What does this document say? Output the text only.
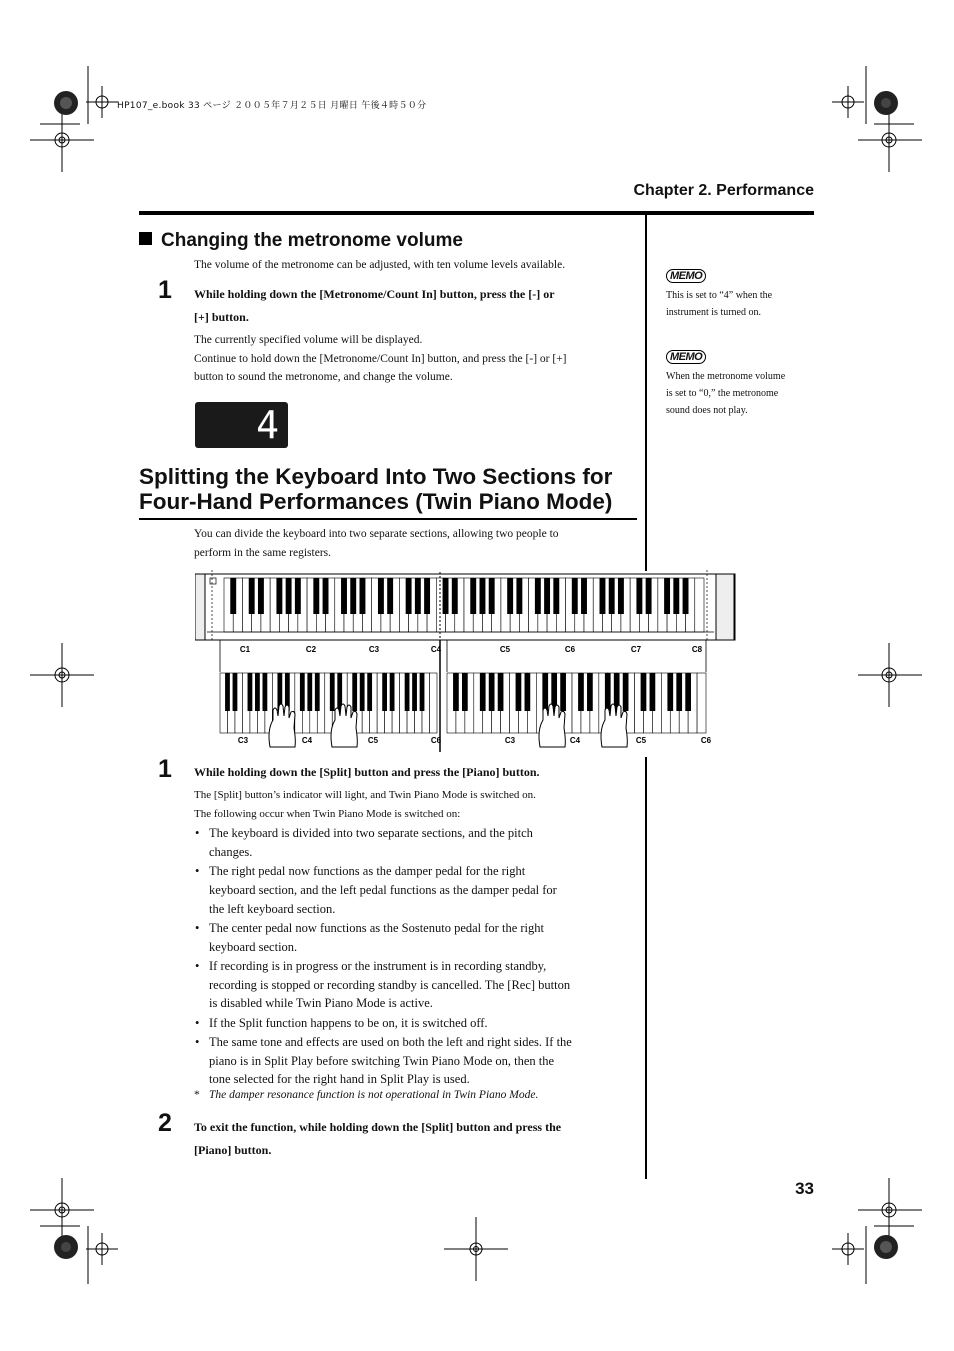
HP107_e.book 33 ページ ２００５年７月２５日 月曜日 午後４時５０分
Chapter 2. Performance
Changing the metronome volume
The volume of the metronome can be adjusted, with ten volume levels available.
1 While holding down the [Metronome/Count In] button, press the [-] or
[+] button.
The currently specified volume will be displayed.
Continue to hold down the [Metronome/Count In] button, and press the [-] or [+]
button to sound the metronome, and change the volume.
4
MEMO
This is set to “4” when the
instrument is turned on.
MEMO
When the metronome volume
is set to “0,” the metronome
sound does not play.
Splitting the Keyboard Into Two Sections for
Four-Hand Performances (Twin Piano Mode)
You can divide the keyboard into two separate sections, allowing two people to
perform in the same registers.
C1	C2	C3	C4	C5	C6	C7	C8
C3	C4	C5	C6	C3	C4	C5	C6
1 While holding down the [Split] button and press the [Piano] button.
The [Split] button’s indicator will light, and Twin Piano Mode is switched on.
The following occur when Twin Piano Mode is switched on:
• The keyboard is divided into two separate sections, and the pitch
changes.
• The right pedal now functions as the damper pedal for the right
keyboard section, and the left pedal functions as the damper pedal for
the left keyboard section.
• The center pedal now functions as the Sostenuto pedal for the right
keyboard section.
• If recording is in progress or the instrument is in recording standby,
recording is stopped or recording standby is cancelled. The [Rec] button
is disabled while Twin Piano Mode is active.
• If the Split function happens to be on, it is switched off.
• The same tone and effects are used on both the left and right sides. If the
piano is in Split Play before switching Twin Piano Mode on, then the
tone selected for the right hand in Split Play is used.
* The damper resonance function is not operational in Twin Piano Mode.
2 To exit the function, while holding down the [Split] button and press the
[Piano] button.
33
